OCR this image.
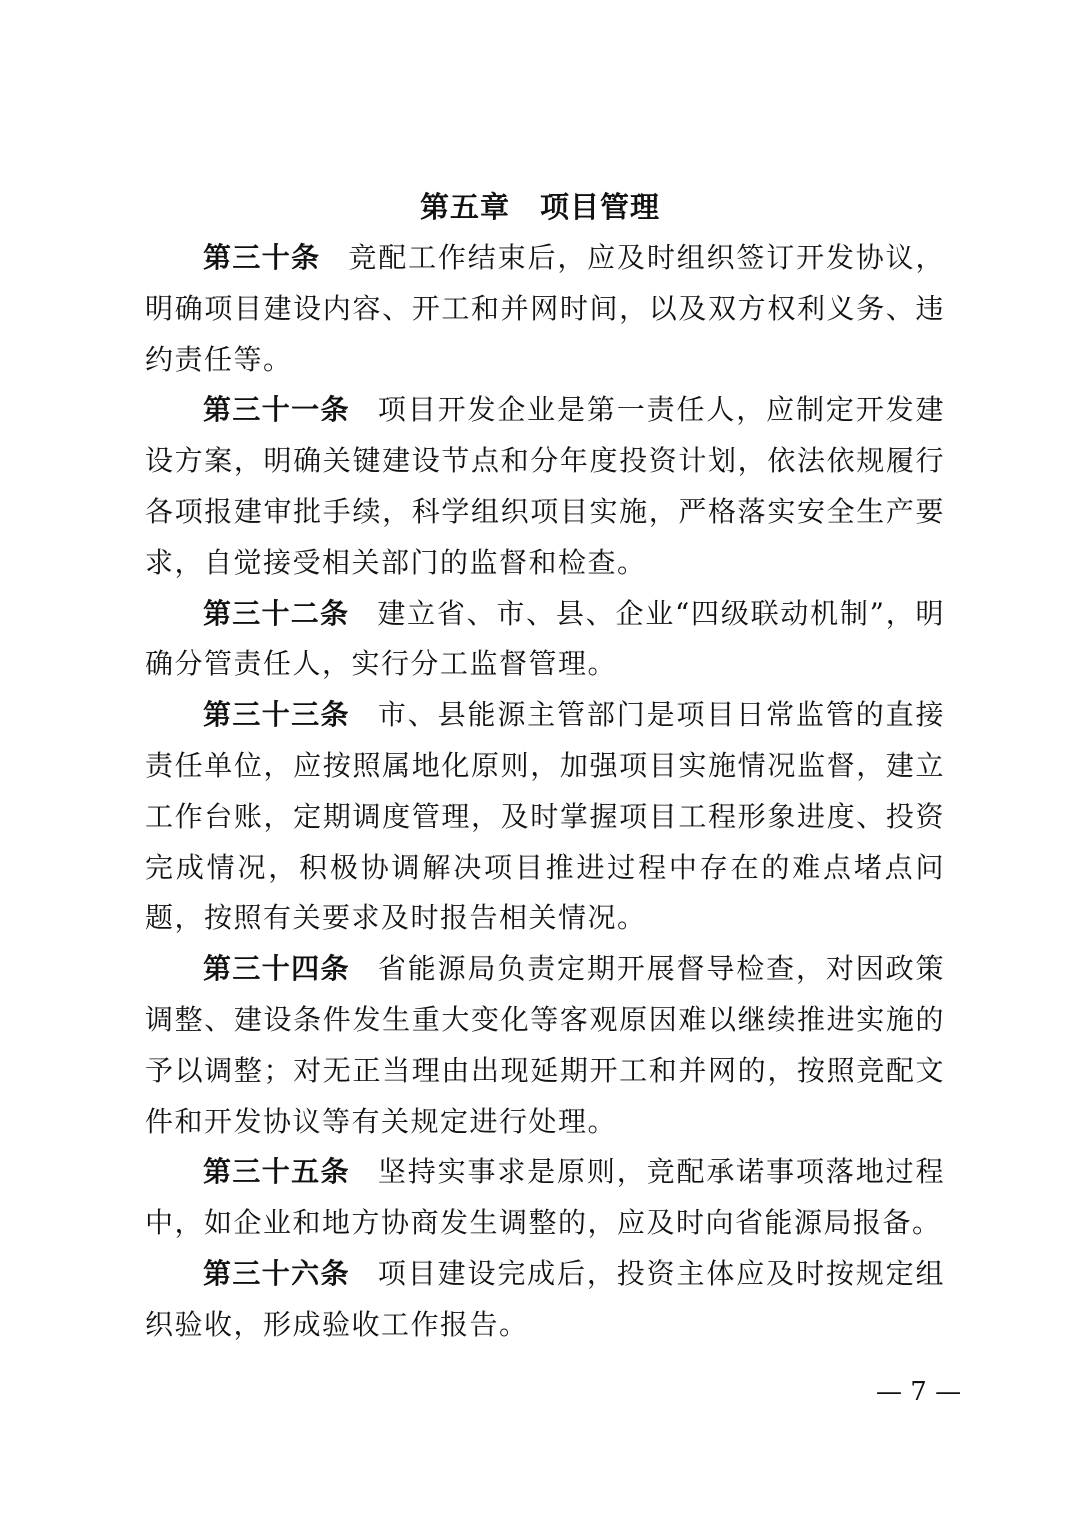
第五章　项目管理

第三十条 竞配工作结束后，应及时组织签订开发协议，明确项目建设内容、开工和并网时间，以及双方权利义务、违约责任等。

第三十一条 项目开发企业是第一责任人，应制定开发建设方案，明确关键建设节点和分年度投资计划，依法依规履行各项报建审批手续，科学组织项目实施，严格落实安全生产要求，自觉接受相关部门的监督和检查。

第三十二条 建立省、市、县、企业“四级联动机制”，明确分管责任人，实行分工监督管理。

第三十三条 市、县能源主管部门是项目日常监管的直接责任单位，应按照属地化原则，加强项目实施情况监督，建立工作台账，定期调度管理，及时掌握项目工程形象进度、投资完成情况，积极协调解决项目推进过程中存在的难点堵点问题，按照有关要求及时报告相关情况。

第三十四条 省能源局负责定期开展督导检查，对因政策调整、建设条件发生重大变化等客观原因难以继续推进实施的予以调整；对无正当理由出现延期开工和并网的，按照竞配文件和开发协议等有关规定进行处理。

第三十五条 坚持实事求是原则，竞配承诺事项落地过程中，如企业和地方协商发生调整的，应及时向省能源局报备。

第三十六条 项目建设完成后，投资主体应及时按规定组织验收，形成验收工作报告。

— 7 —
